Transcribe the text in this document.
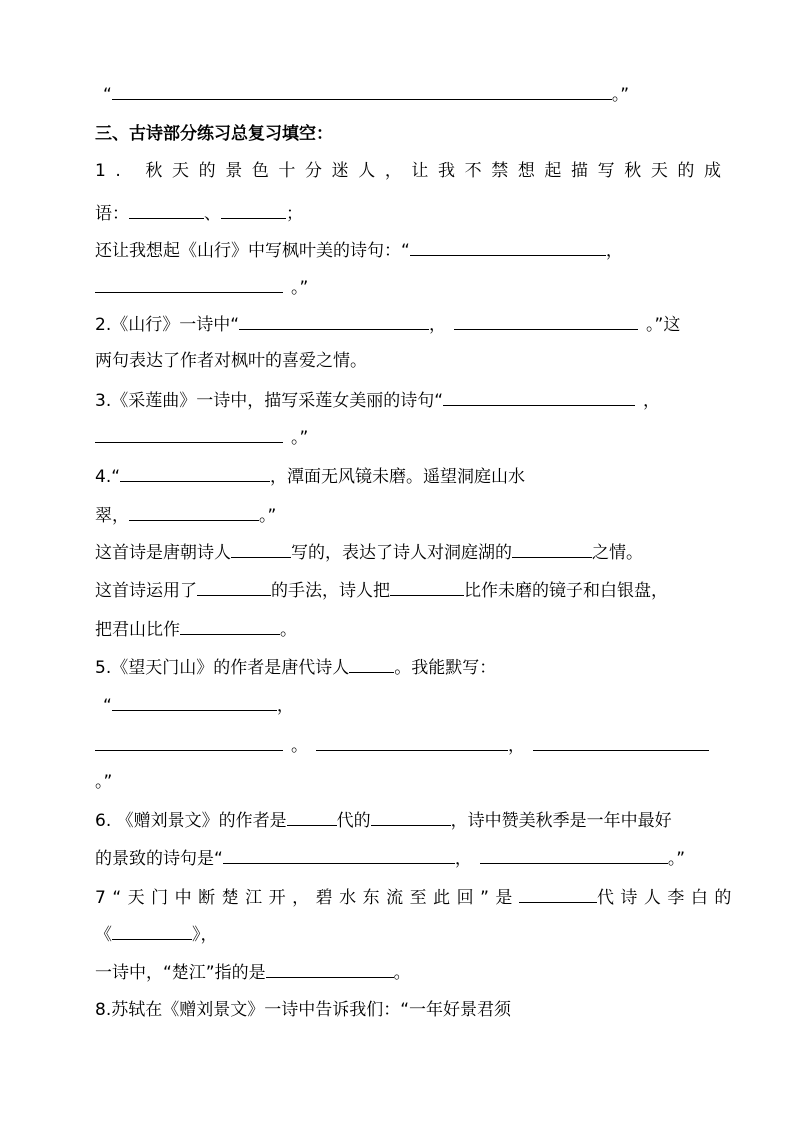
“	。”
三、古诗部分练习总复习填空：
1. 秋天的景色十分迷人，让我不禁想起描写秋天的成
语：	、	；
还让我想起《山行》中写枫叶美的诗句：“	，
。”
2.《山行》一诗中“	，	。”这
两句表达了作者对枫叶的喜爱之情。
3.《采莲曲》一诗中，描写采莲女美丽的诗句“	，
。”
4.“	，潭面无风镜未磨。遥望洞庭山水
翠，	。”
这首诗是唐朝诗人	写的，表达了诗人对洞庭湖的	之情。
这首诗运用了	的手法，诗人把	比作未磨的镜子和白银盘，
把君山比作	。
5.《望天门山》的作者是唐代诗人	。我能默写：
“	，
。	，
。”
6. 《赠刘景文》的作者是	代的	，诗中赞美秋季是一年中最好
的景致的诗句是“	，	。”
7“天门中断楚江开，碧水东流至此回”是	代诗人李白的
《	》，
一诗中，“楚江”指的是	。
8.苏轼在《赠刘景文》一诗中告诉我们：“一年好景君须
